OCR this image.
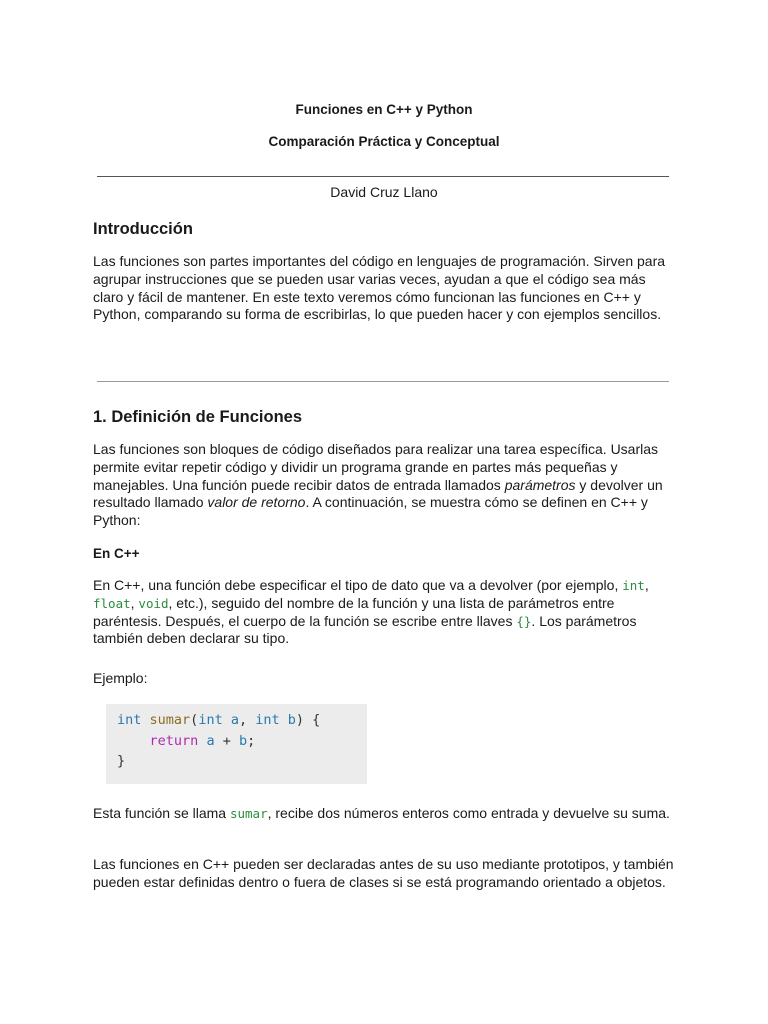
Funciones en C++ y Python
Comparación Práctica y Conceptual
David Cruz Llano
Introducción

Las funciones son partes importantes del código en lenguajes de programación. Sirven para agrupar instrucciones que se pueden usar varias veces, ayudan a que el código sea más claro y fácil de mantener. En este texto veremos cómo funcionan las funciones en C++ y Python, comparando su forma de escribirlas, lo que pueden hacer y con ejemplos sencillos.

1. Definición de Funciones

Las funciones son bloques de código diseñados para realizar una tarea específica. Usarlas permite evitar repetir código y dividir un programa grande en partes más pequeñas y manejables. Una función puede recibir datos de entrada llamados parámetros y devolver un resultado llamado valor de retorno. A continuación, se muestra cómo se definen en C++ y Python:

En C++

En C++, una función debe especificar el tipo de dato que va a devolver (por ejemplo, int, float, void, etc.), seguido del nombre de la función y una lista de parámetros entre paréntesis. Después, el cuerpo de la función se escribe entre llaves {}. Los parámetros también deben declarar su tipo.

Ejemplo:

int sumar(int a, int b) {
return a + b;
}

Esta función se llama sumar, recibe dos números enteros como entrada y devuelve su suma.

Las funciones en C++ pueden ser declaradas antes de su uso mediante prototipos, y también pueden estar definidas dentro o fuera de clases si se está programando orientado a objetos.
